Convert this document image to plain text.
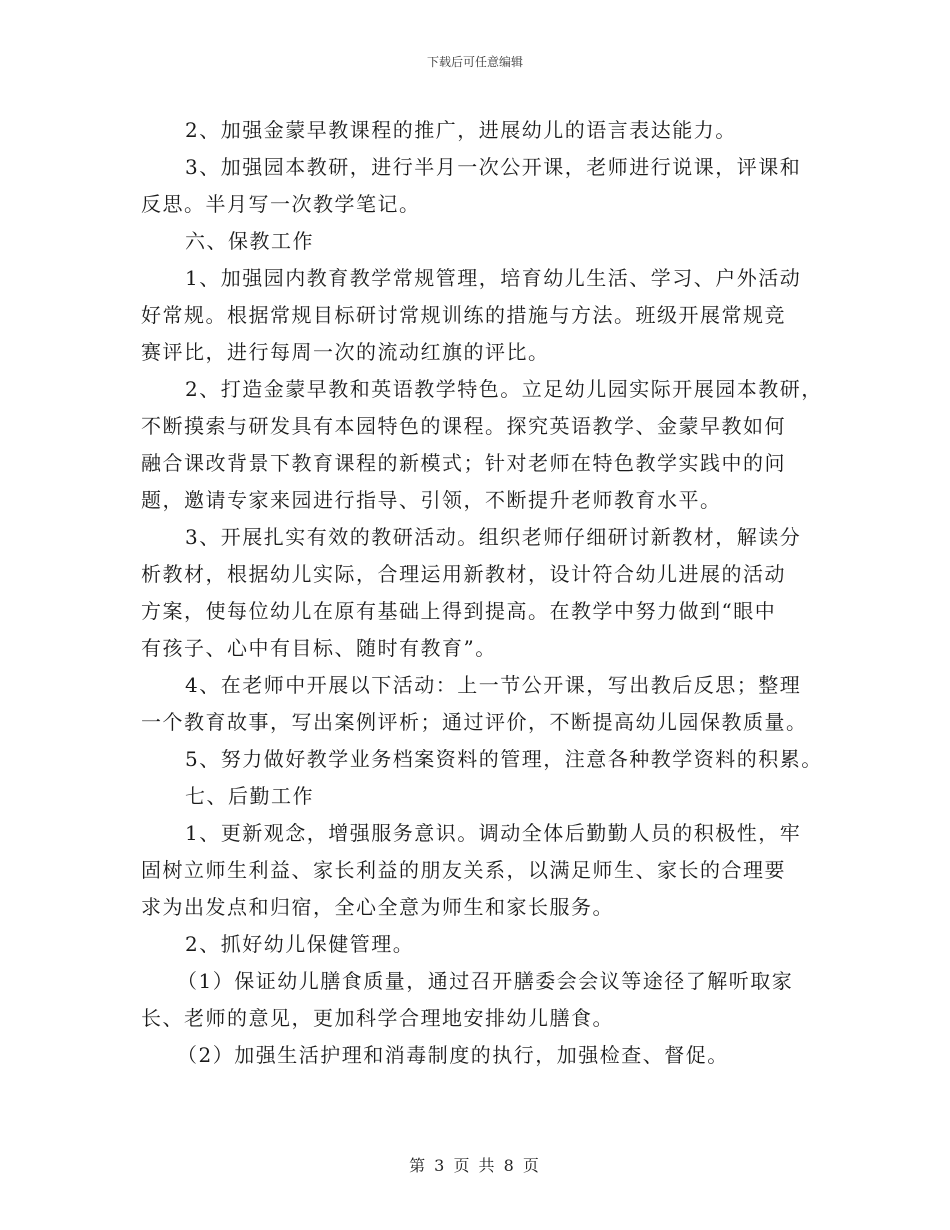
下载后可任意编辑
2、加强金蒙早教课程的推广，进展幼儿的语言表达能力。
3、加强园本教研，进行半月一次公开课，老师进行说课，评课和
反思。半月写一次教学笔记。
六、保教工作
1、加强园内教育教学常规管理，培育幼儿生活、学习、户外活动
好常规。根据常规目标研讨常规训练的措施与方法。班级开展常规竞
赛评比，进行每周一次的流动红旗的评比。
2、打造金蒙早教和英语教学特色。立足幼儿园实际开展园本教研，
不断摸索与研发具有本园特色的课程。探究英语教学、金蒙早教如何
融合课改背景下教育课程的新模式；针对老师在特色教学实践中的问
题，邀请专家来园进行指导、引领，不断提升老师教育水平。
3、开展扎实有效的教研活动。组织老师仔细研讨新教材，解读分
析教材，根据幼儿实际，合理运用新教材，设计符合幼儿进展的活动
方案，使每位幼儿在原有基础上得到提高。在教学中努力做到“眼中
有孩子、心中有目标、随时有教育”。
4、在老师中开展以下活动：上一节公开课，写出教后反思；整理
一个教育故事，写出案例评析；通过评价，不断提高幼儿园保教质量。
5、努力做好教学业务档案资料的管理，注意各种教学资料的积累。
七、后勤工作
1、更新观念，增强服务意识。调动全体后勤勤人员的积极性，牢
固树立师生利益、家长利益的朋友关系，以满足师生、家长的合理要
求为出发点和归宿，全心全意为师生和家长服务。
2、抓好幼儿保健管理。
（1）保证幼儿膳食质量，通过召开膳委会会议等途径了解听取家
长、老师的意见，更加科学合理地安排幼儿膳食。
（2）加强生活护理和消毒制度的执行，加强检查、督促。
第 3 页 共 8 页
